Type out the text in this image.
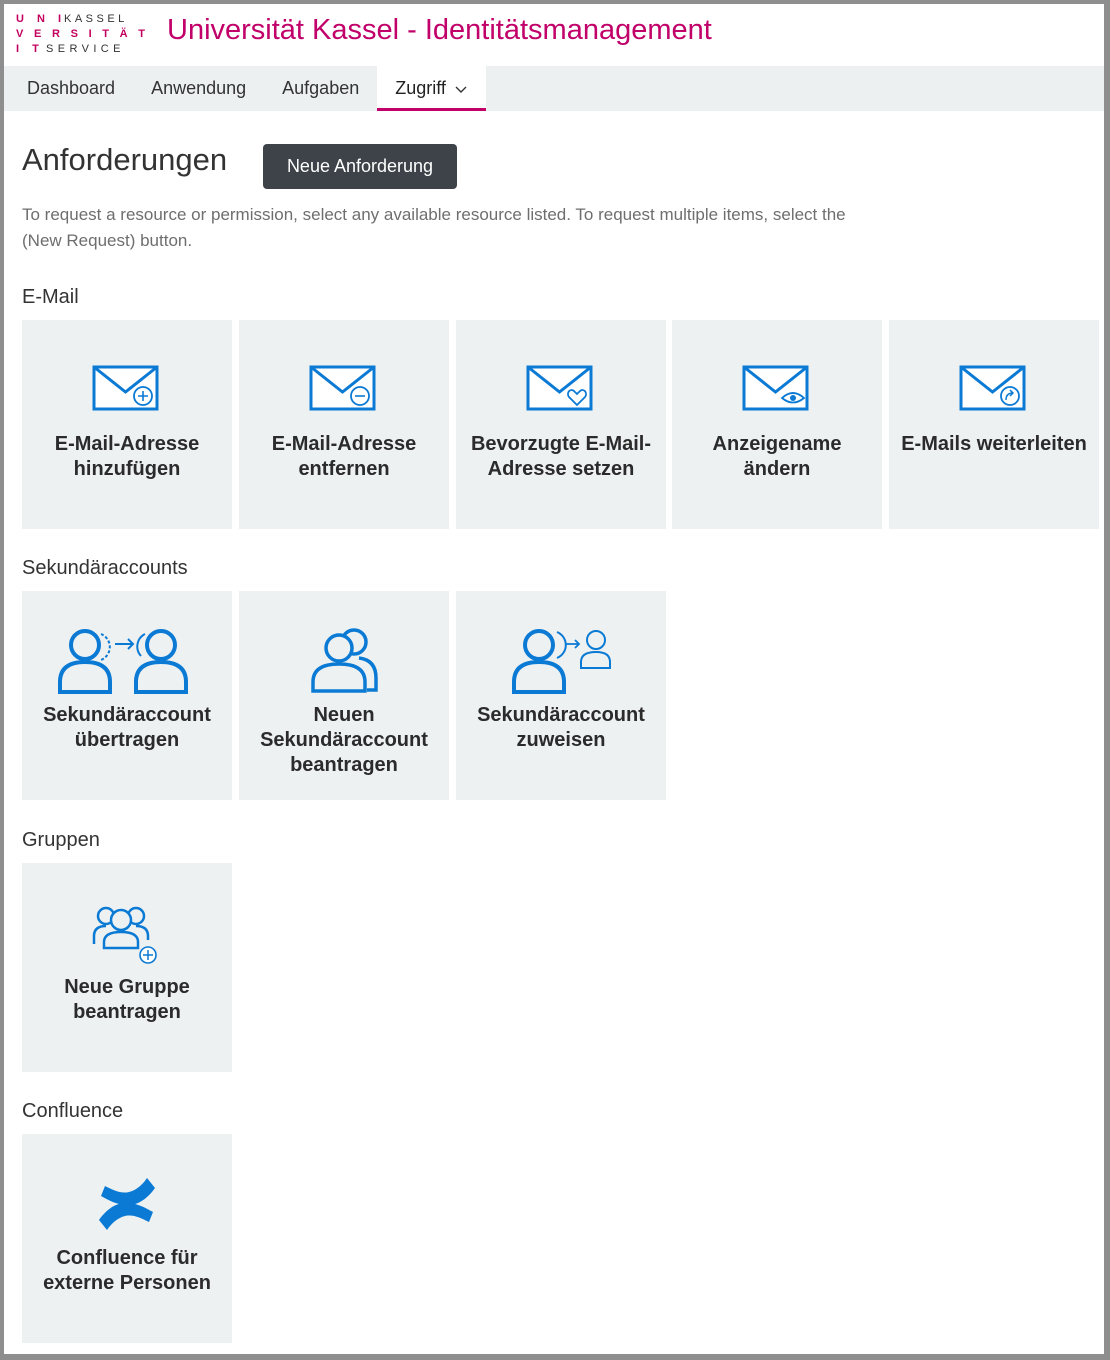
U N I
KASSEL
V E R S I T Ä T
I T SERVICE
Universität Kassel - Identitätsmanagement
Dashboard	Anwendung	Aufgaben	Zugriff
Anforderungen	Neue Anforderung
To request a resource or permission, select any available resource listed. To request multiple items, select the (New Request) button.
E-Mail
E-Mail-Adresse hinzufügen
E-Mail-Adresse entfernen
Bevorzugte E-Mail-Adresse setzen
Anzeigename ändern
E-Mails weiterleiten
Sekundäraccounts
Sekundäraccount übertragen
Neuen Sekundäraccount beantragen
Sekundäraccount zuweisen
Gruppen
Neue Gruppe beantragen
Confluence
Confluence für externe Personen
